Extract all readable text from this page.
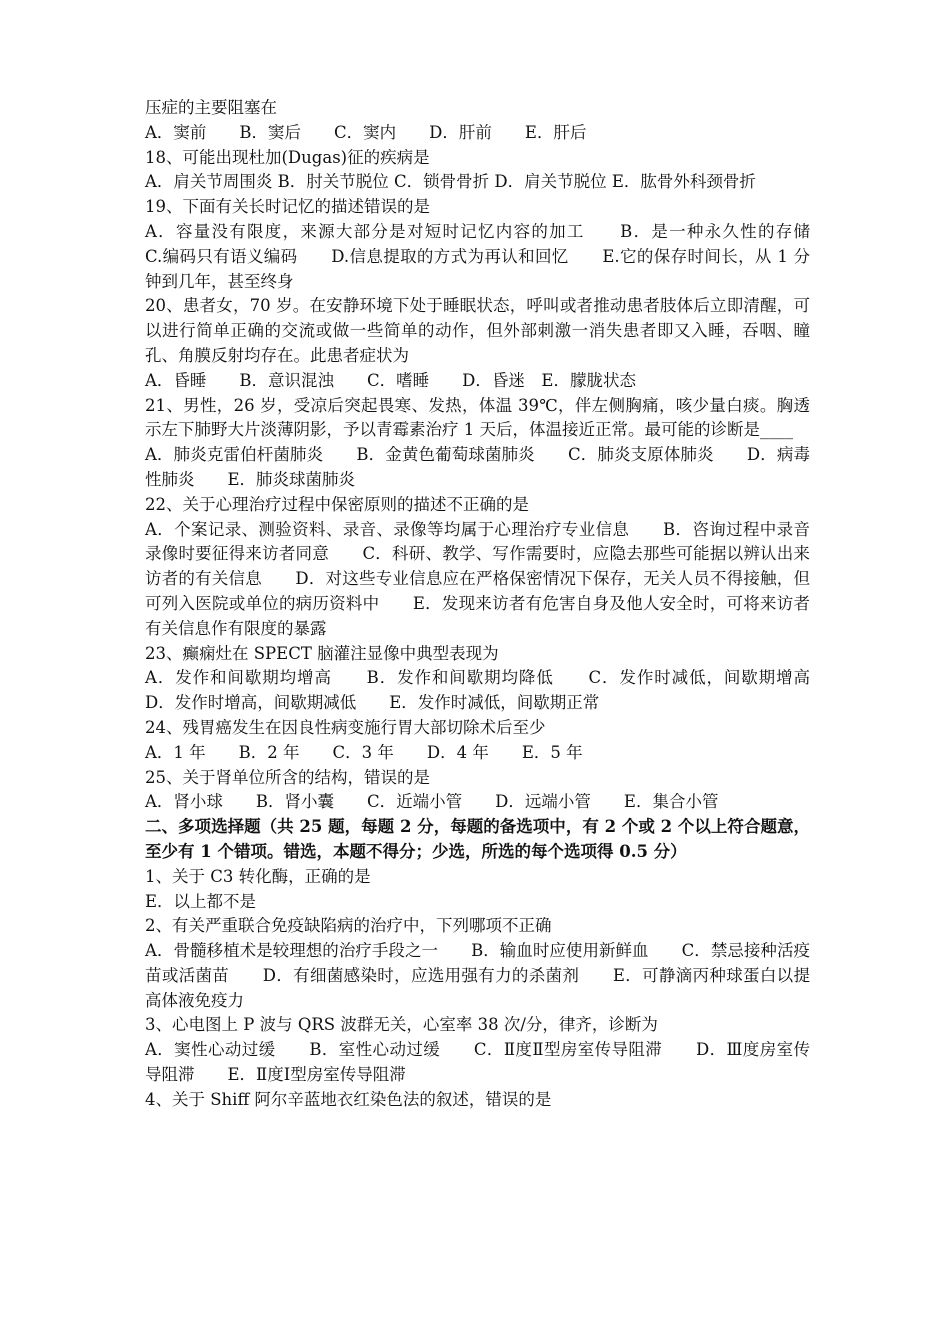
压症的主要阻塞在
A．窦前　　B．窦后　　C．窦内　　D．肝前　　E．肝后
18、可能出现杜加(Dugas)征的疾病是
A．肩关节周围炎 B．肘关节脱位 C．锁骨骨折 D．肩关节脱位 E．肱骨外科颈骨折
19、下面有关长时记忆的描述错误的是
A．容量没有限度，来源大部分是对短时记忆内容的加工　　B．是一种永久性的存储　　C.编码只有语义编码　　D.信息提取的方式为再认和回忆　　E.它的保存时间长，从 1 分钟到几年，甚至终身
20、患者女，70 岁。在安静环境下处于睡眠状态，呼叫或者推动患者肢体后立即清醒，可以进行简单正确的交流或做一些简单的动作，但外部刺激一消失患者即又入睡，吞咽、瞳孔、角膜反射均存在。此患者症状为
A．昏睡　　B．意识混浊　　C．嗜睡　　D．昏迷　E．朦胧状态
21、男性，26 岁，受凉后突起畏寒、发热，体温 39℃，伴左侧胸痛，咳少量白痰。胸透示左下肺野大片淡薄阴影，予以青霉素治疗 1 天后，体温接近正常。最可能的诊断是____
A．肺炎克雷伯杆菌肺炎　　B．金黄色葡萄球菌肺炎　　C．肺炎支原体肺炎　　D．病毒性肺炎　　E．肺炎球菌肺炎
22、关于心理治疗过程中保密原则的描述不正确的是
A．个案记录、测验资料、录音、录像等均属于心理治疗专业信息　　B．咨询过程中录音录像时要征得来访者同意　　C．科研、教学、写作需要时，应隐去那些可能据以辨认出来访者的有关信息　　D．对这些专业信息应在严格保密情况下保存，无关人员不得接触，但可列入医院或单位的病历资料中　　E．发现来访者有危害自身及他人安全时，可将来访者有关信息作有限度的暴露
23、癫痫灶在 SPECT 脑灌注显像中典型表现为
A．发作和间歇期均增高　　B．发作和间歇期均降低　　C．发作时减低，间歇期增高　　D．发作时增高，间歇期减低　　E．发作时减低，间歇期正常
24、残胃癌发生在因良性病变施行胃大部切除术后至少
A．1 年　　B．2 年　　C．3 年　　D．4 年　　E．5 年
25、关于肾单位所含的结构，错误的是
A．肾小球　　B．肾小囊　　C．近端小管　　D．远端小管　　E．集合小管
二、多项选择题（共 25 题，每题 2 分，每题的备选项中，有 2 个或 2 个以上符合题意，至少有 1 个错项。错选，本题不得分；少选，所选的每个选项得 0.5 分）
1、关于 C3 转化酶，正确的是
E．以上都不是
2、有关严重联合免疫缺陷病的治疗中，下列哪项不正确
A．骨髓移植术是较理想的治疗手段之一　　B．输血时应使用新鲜血　　C．禁忌接种活疫苗或活菌苗　　D．有细菌感染时，应选用强有力的杀菌剂　　E．可静滴丙种球蛋白以提高体液免疫力
3、心电图上 P 波与 QRS 波群无关，心室率 38 次/分，律齐，诊断为
A．窦性心动过缓　　B．室性心动过缓　　C．Ⅱ度Ⅱ型房室传导阻滞　　D．Ⅲ度房室传导阻滞　　E．Ⅱ度Ⅰ型房室传导阻滞
4、关于 Shiff 阿尔辛蓝地衣红染色法的叙述，错误的是
